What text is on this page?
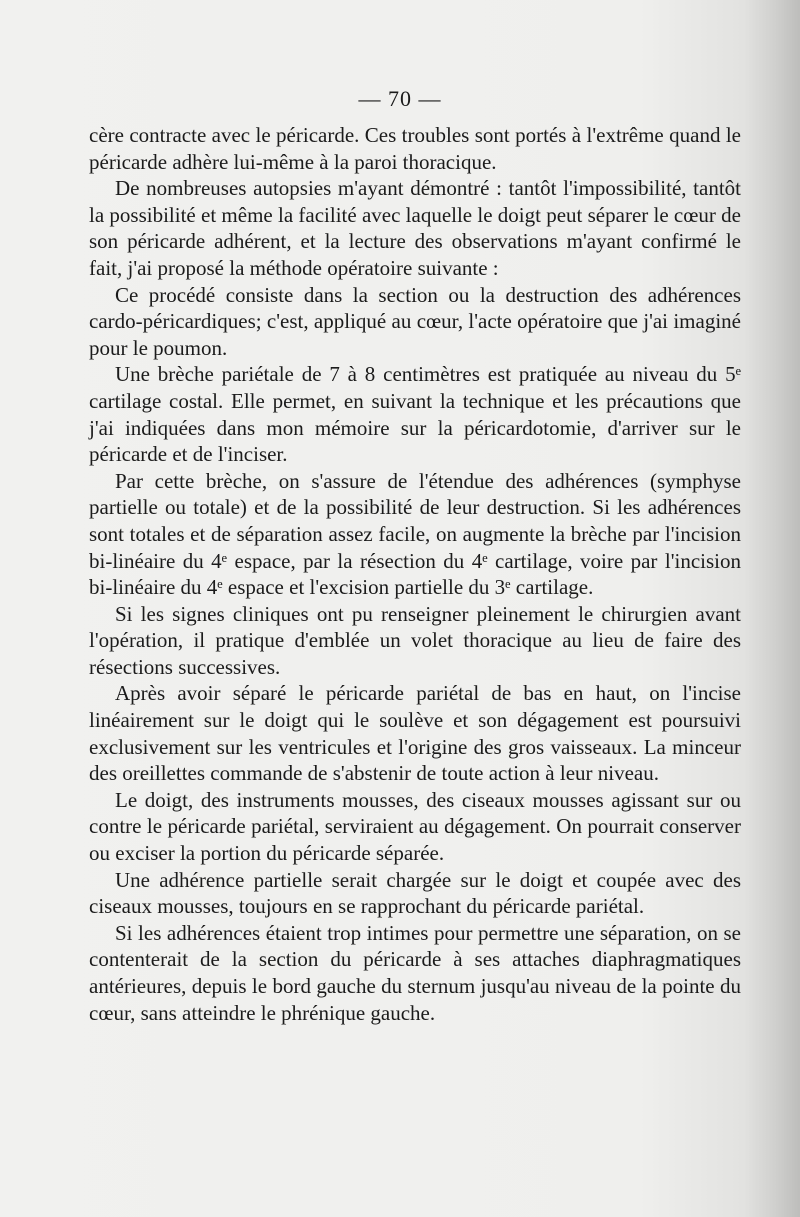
— 70 —

cère contracte avec le péricarde. Ces troubles sont portés à l'extrême quand le péricarde adhère lui-même à la paroi thoracique.

De nombreuses autopsies m'ayant démontré : tantôt l'impossibilité, tantôt la possibilité et même la facilité avec laquelle le doigt peut séparer le cœur de son péricarde adhérent, et la lecture des observations m'ayant confirmé le fait, j'ai proposé la méthode opératoire suivante :

Ce procédé consiste dans la section ou la destruction des adhérences cardo-péricardiques; c'est, appliqué au cœur, l'acte opératoire que j'ai imaginé pour le poumon.

Une brèche pariétale de 7 à 8 centimètres est pratiquée au niveau du 5ᵉ cartilage costal. Elle permet, en suivant la technique et les précautions que j'ai indiquées dans mon mémoire sur la péricardotomie, d'arriver sur le péricarde et de l'inciser.

Par cette brèche, on s'assure de l'étendue des adhérences (symphyse partielle ou totale) et de la possibilité de leur destruction. Si les adhérences sont totales et de séparation assez facile, on augmente la brèche par l'incision bi-linéaire du 4ᵉ espace, par la résection du 4ᵉ cartilage, voire par l'incision bi-linéaire du 4ᵉ espace et l'excision partielle du 3ᵉ cartilage.

Si les signes cliniques ont pu renseigner pleinement le chirurgien avant l'opération, il pratique d'emblée un volet thoracique au lieu de faire des résections successives.

Après avoir séparé le péricarde pariétal de bas en haut, on l'incise linéairement sur le doigt qui le soulève et son dégagement est poursuivi exclusivement sur les ventricules et l'origine des gros vaisseaux. La minceur des oreillettes commande de s'abstenir de toute action à leur niveau.

Le doigt, des instruments mousses, des ciseaux mousses agissant sur ou contre le péricarde pariétal, serviraient au dégagement. On pourrait conserver ou exciser la portion du péricarde séparée.

Une adhérence partielle serait chargée sur le doigt et coupée avec des ciseaux mousses, toujours en se rapprochant du péricarde pariétal.

Si les adhérences étaient trop intimes pour permettre une séparation, on se contenterait de la section du péricarde à ses attaches diaphragmatiques antérieures, depuis le bord gauche du sternum jusqu'au niveau de la pointe du cœur, sans atteindre le phrénique gauche.
